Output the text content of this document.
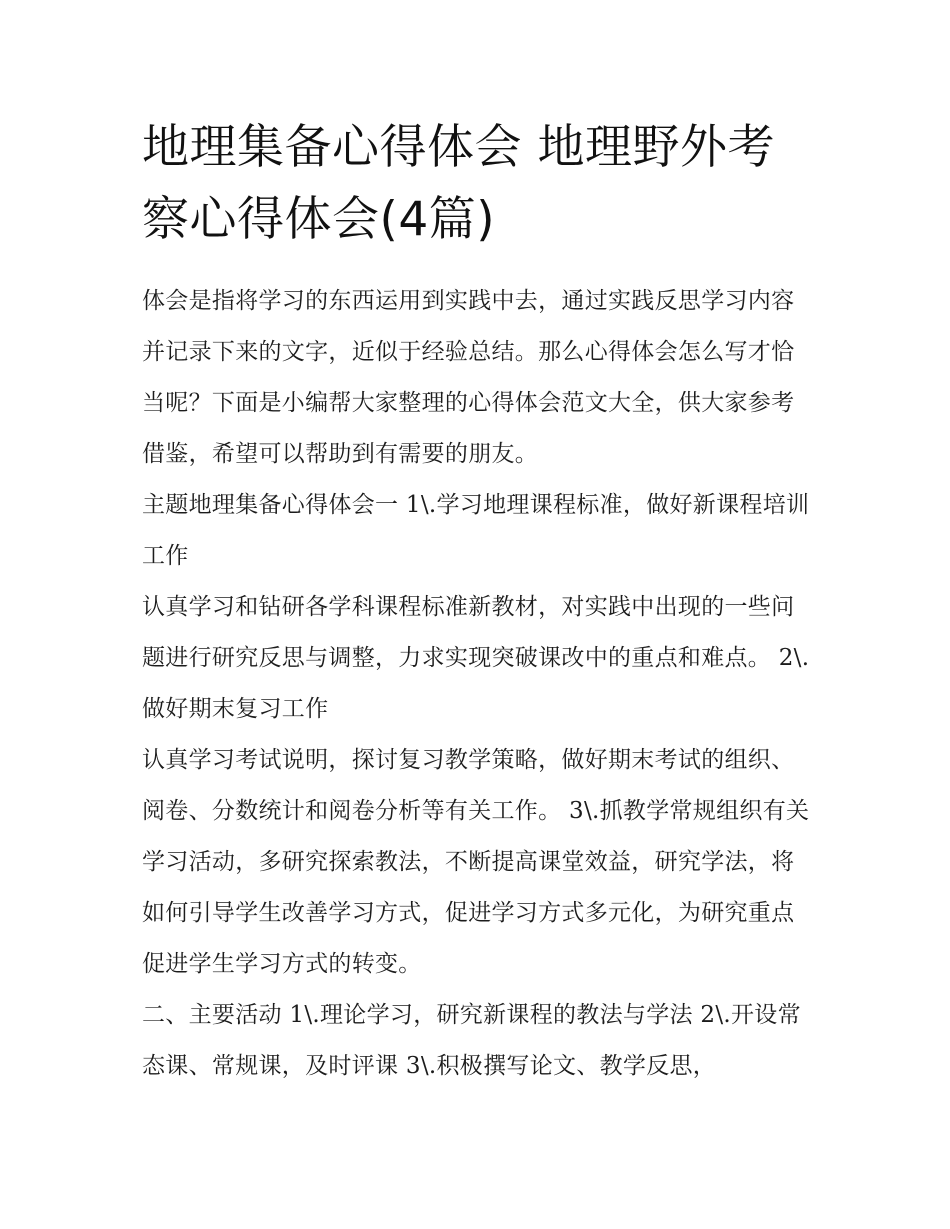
地理集备心得体会 地理野外考察心得体会(4篇)

体会是指将学习的东西运用到实践中去，通过实践反思学习内容并记录下来的文字，近似于经验总结。那么心得体会怎么写才恰当呢？下面是小编帮大家整理的心得体会范文大全，供大家参考借鉴，希望可以帮助到有需要的朋友。

主题地理集备心得体会一 1\.学习地理课程标准，做好新课程培训工作

认真学习和钻研各学科课程标准新教材，对实践中出现的一些问题进行研究反思与调整，力求实现突破课改中的重点和难点。 2\.做好期末复习工作

认真学习考试说明，探讨复习教学策略，做好期末考试的组织、阅卷、分数统计和阅卷分析等有关工作。 3\.抓教学常规组织有关学习活动，多研究探索教法，不断提高课堂效益，研究学法，将如何引导学生改善学习方式，促进学习方式多元化，为研究重点促进学生学习方式的转变。

二、主要活动 1\.理论学习，研究新课程的教法与学法 2\.开设常态课、常规课，及时评课 3\.积极撰写论文、教学反思，
